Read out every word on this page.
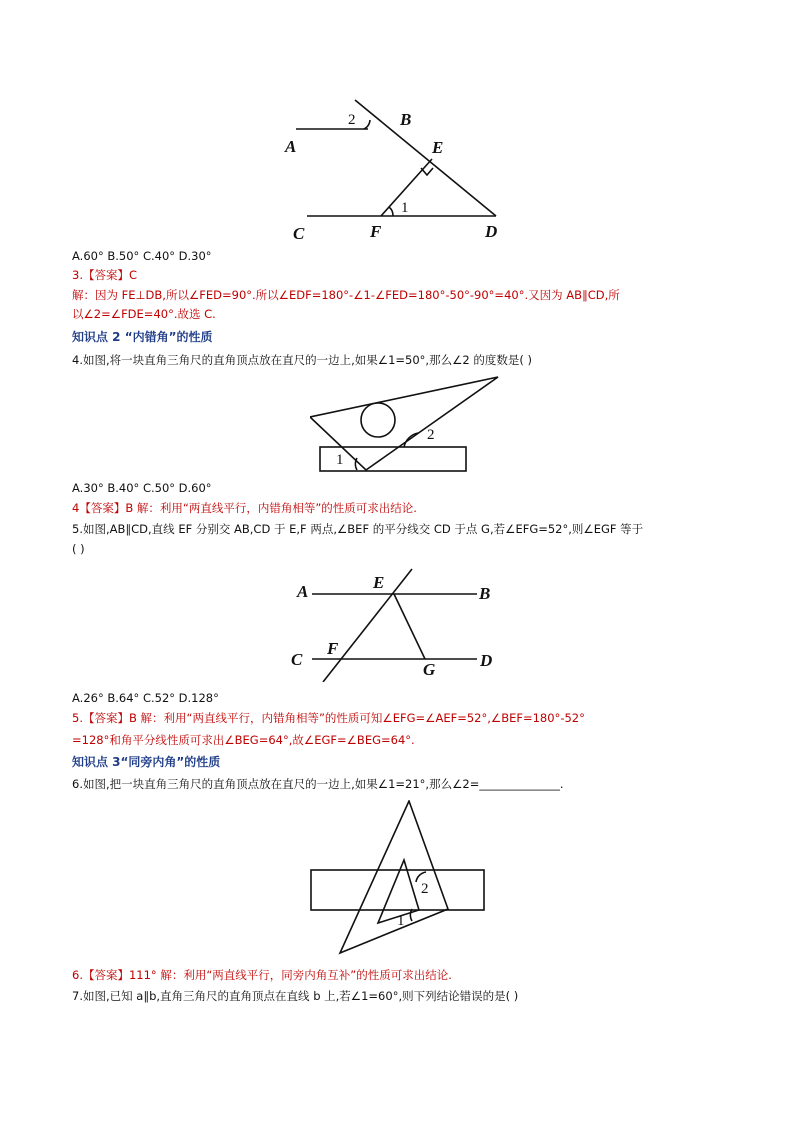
A
B
E
C	F	D
2
1
A.60° B.50° C.40° D.30°
3.【答案】C
解：因为 FE⊥DB,所以∠FED=90°.所以∠EDF=180°-∠1-∠FED=180°-50°-90°=40°.又因为 AB∥CD,所
以∠2=∠FDE=40°.故选 C.
知识点 2 “内错角”的性质
4.如图,将一块直角三角尺的直角顶点放在直尺的一边上,如果∠1=50°,那么∠2 的度数是( )
2
1
A.30° B.40° C.50° D.60°
4【答案】B 解：利用“两直线平行，内错角相等”的性质可求出结论.
5.如图,AB∥CD,直线 EF 分别交 AB,CD 于 E,F 两点,∠BEF 的平分线交 CD 于点 G,若∠EFG=52°,则∠EGF 等于
( )
A	E
B
C
F
G	D
A.26° B.64° C.52° D.128°
5.【答案】B 解：利用“两直线平行，内错角相等”的性质可知∠EFG=∠AEF=52°,∠BEF=180°-52°
=128°和角平分线性质可求出∠BEG=64°,故∠EGF=∠BEG=64°.
知识点 3“同旁内角”的性质
6.如图,把一块直角三角尺的直角顶点放在直尺的一边上,如果∠1=21°,那么∠2=______________.
2
1
6.【答案】111° 解：利用“两直线平行，同旁内角互补”的性质可求出结论.
7.如图,已知 a∥b,直角三角尺的直角顶点在直线 b 上,若∠1=60°,则下列结论错误的是( )
